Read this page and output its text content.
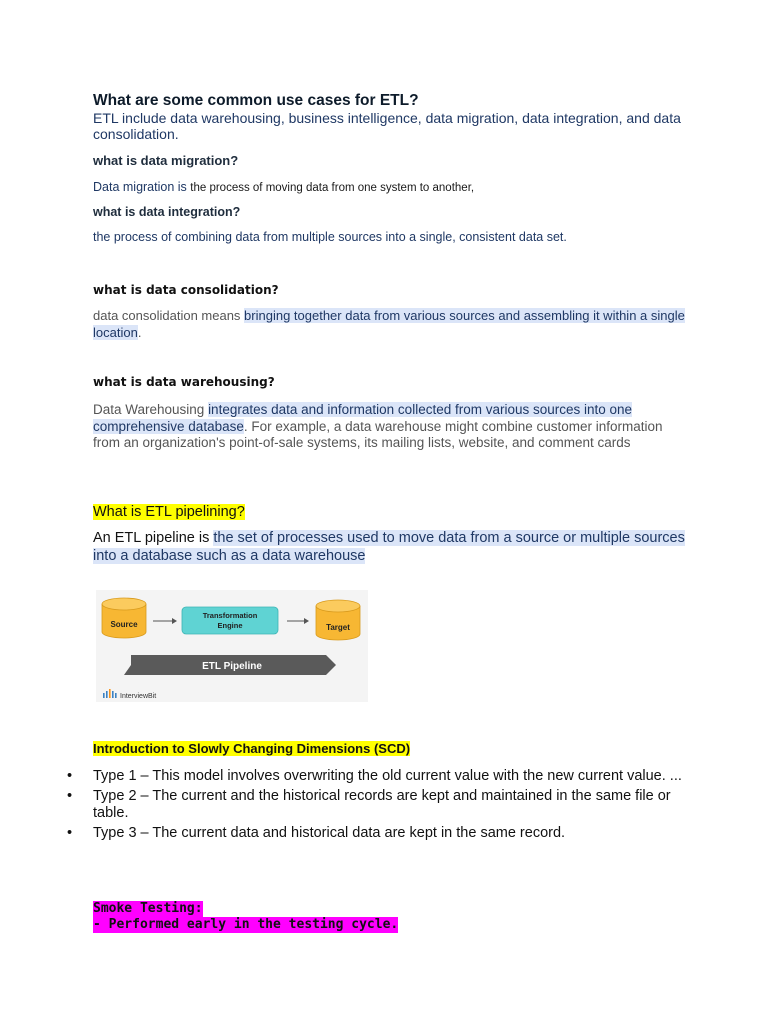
What are some common use cases for ETL?
ETL include data warehousing, business intelligence, data migration, data integration, and data consolidation.
what is data migration?
Data migration is the process of moving data from one system to another,
what is data integration?
the process of combining data from multiple sources into a single, consistent data set.
what is data consolidation?
data consolidation means bringing together data from various sources and assembling it within a single location.
what is data warehousing?
Data Warehousing integrates data and information collected from various sources into one comprehensive database. For example, a data warehouse might combine customer information from an organization's point-of-sale systems, its mailing lists, website, and comment cards
What is ETL pipelining?
An ETL pipeline is the set of processes used to move data from a source or multiple sources into a database such as a data warehouse
Source
Transformation
Engine	Target
ETL Pipeline
InterviewBit
Introduction to Slowly Changing Dimensions (SCD)
• Type 1 – This model involves overwriting the old current value with the new current value. ...
• Type 2 – The current and the historical records are kept and maintained in the same file or table.
• Type 3 – The current data and historical data are kept in the same record.
Smoke Testing:
- Performed early in the testing cycle.
